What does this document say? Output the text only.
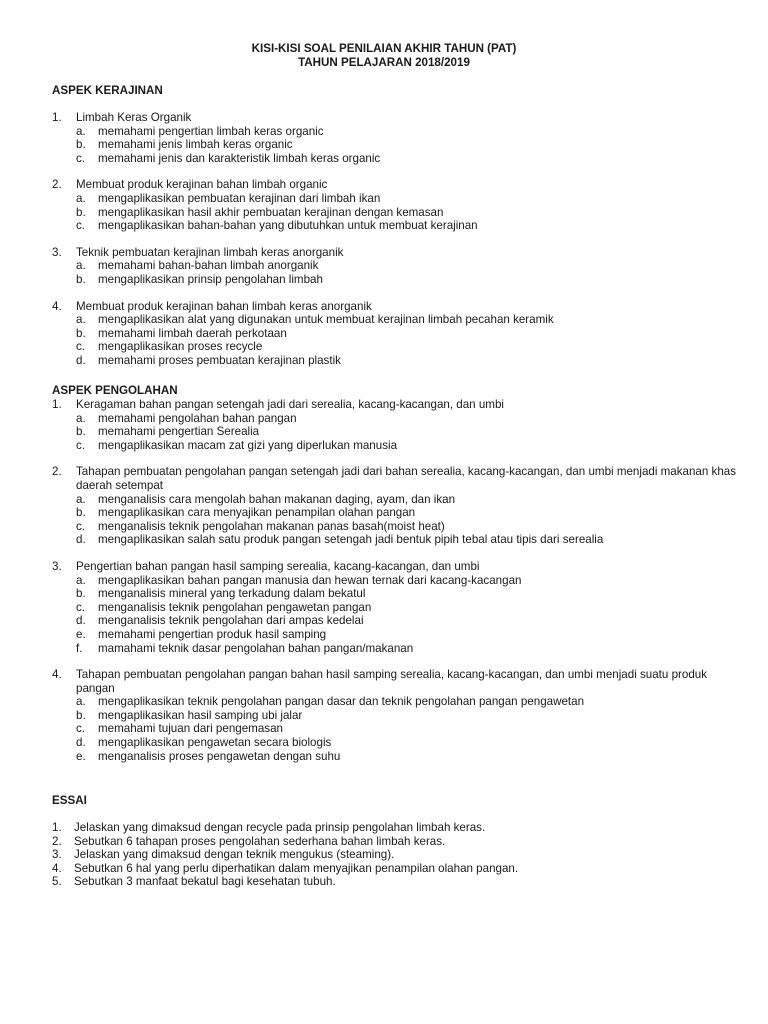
KISI-KISI SOAL PENILAIAN AKHIR TAHUN (PAT)
TAHUN PELAJARAN 2018/2019
ASPEK KERAJINAN
1.	Limbah Keras Organik
a.	memahami pengertian limbah keras organic
b.	memahami jenis limbah keras organic
c.	memahami jenis dan karakteristik limbah keras organic
2.	Membuat produk kerajinan bahan limbah organic
a.	mengaplikasikan pembuatan kerajinan dari limbah ikan
b.	mengaplikasikan hasil akhir pembuatan kerajinan dengan kemasan
c.	mengaplikasikan bahan-bahan yang dibutuhkan untuk membuat kerajinan
3.	Teknik pembuatan kerajinan limbah keras anorganik
a.	memahami bahan-bahan limbah anorganik
b.	mengaplikasikan prinsip pengolahan limbah
4.	Membuat produk kerajinan bahan limbah keras anorganik
a.	mengaplikasikan alat yang digunakan untuk membuat kerajinan limbah pecahan keramik
b.	memahami limbah daerah perkotaan
c.	mengaplikasikan proses recycle
d.	memahami proses pembuatan kerajinan plastik
ASPEK PENGOLAHAN
1.	Keragaman bahan pangan setengah jadi dari serealia, kacang-kacangan, dan umbi
a.	memahami pengolahan bahan pangan
b.	memahami pengertian Serealia
c.	mengaplikasikan macam zat gizi yang diperlukan manusia
2.	Tahapan pembuatan pengolahan pangan setengah jadi dari bahan serealia, kacang-kacangan, dan umbi menjadi makanan khas daerah setempat
a.	menganalisis cara mengolah bahan makanan daging, ayam, dan ikan
b.	mengaplikasikan cara menyajikan penampilan olahan pangan
c.	menganalisis teknik pengolahan makanan panas basah(moist heat)
d.	mengaplikasikan salah satu produk pangan setengah jadi bentuk pipih tebal atau tipis dari serealia
3.	Pengertian bahan pangan hasil samping serealia, kacang-kacangan, dan umbi
a.	mengaplikasikan bahan pangan manusia dan hewan ternak dari kacang-kacangan
b.	menganalisis mineral yang terkadung dalam bekatul
c.	menganalisis teknik pengolahan pengawetan pangan
d.	menganalisis teknik pengolahan dari ampas kedelai
e.	memahami pengertian produk hasil samping
f.	mamahami teknik dasar pengolahan bahan pangan/makanan
4.	Tahapan pembuatan pengolahan pangan bahan hasil samping serealia, kacang-kacangan, dan umbi menjadi suatu produk pangan
a.	mengaplikasikan teknik pengolahan pangan dasar dan teknik pengolahan pangan pengawetan
b.	mengaplikasikan hasil samping ubi jalar
c.	memahami tujuan dari pengemasan
d.	mengaplikasikan pengawetan secara biologis
e.	menganalisis proses pengawetan dengan suhu
ESSAI
1.	Jelaskan yang dimaksud dengan recycle pada prinsip pengolahan limbah keras.
2.	Sebutkan 6 tahapan proses pengolahan sederhana bahan limbah keras.
3.	Jelaskan yang dimaksud dengan teknik mengukus (steaming).
4.	Sebutkan 6 hal yang perlu diperhatikan dalam menyajikan penampilan olahan pangan.
5.	Sebutkan 3 manfaat bekatul bagi kesehatan tubuh.
